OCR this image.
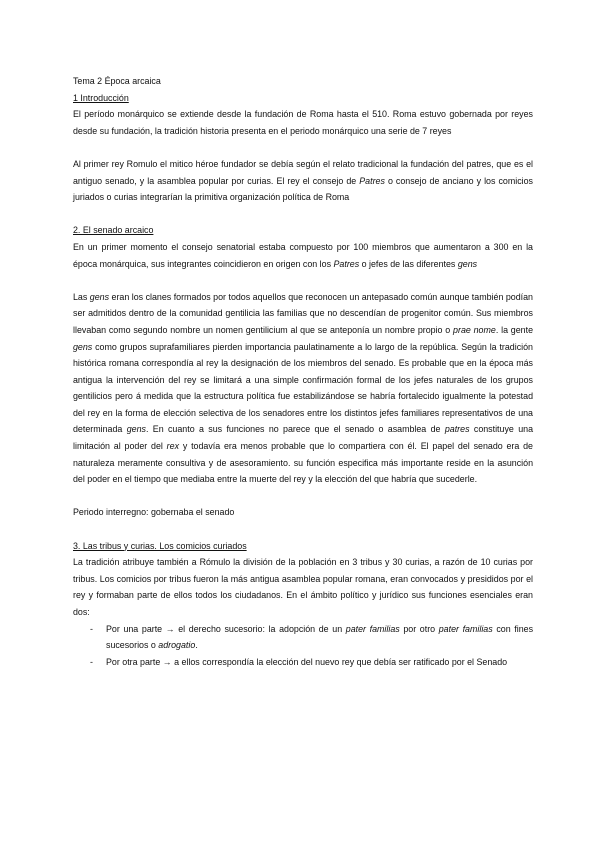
Tema 2 Época arcaica

1 Introducción

El período monárquico se extiende desde la fundación de Roma hasta el 510. Roma estuvo gobernada por reyes desde su fundación, la tradición historia presenta en el periodo monárquico una serie de 7 reyes

Al primer rey Romulo el mitico héroe fundador se debía según el relato tradicional la fundación del patres, que es el antiguo senado, y la asamblea popular por curias. El rey el consejo de Patres o consejo de anciano y los comicios juriados o curias integrarían la primitiva organización política de Roma

2. El senado arcaico

En un primer momento el consejo senatorial estaba compuesto por 100 miembros que aumentaron a 300 en la época monárquica, sus integrantes coincidieron en origen con los Patres o jefes de las diferentes gens

Las gens eran los clanes formados por todos aquellos que reconocen un antepasado común aunque también podían ser admitidos dentro de la comunidad gentilicia las familias que no descendían de progenitor común. Sus miembros llevaban como segundo nombre un nomen gentilicium al que se anteponía un nombre propio o prae nome. la gente gens como grupos suprafamiliares pierden importancia paulatinamente a lo largo de la república. Según la tradición histórica romana correspondía al rey la designación de los miembros del senado. Es probable que en la época más antigua la intervención del rey se limitará a una simple confirmación formal de los jefes naturales de los grupos gentilicios pero á medida que la estructura política fue estabilizándose se habría fortalecido igualmente la potestad del rey en la forma de elección selectiva de los senadores entre los distintos jefes familiares representativos de una determinada gens. En cuanto a sus funciones no parece que el senado o asamblea de patres constituye una limitación al poder del rex y todavía era menos probable que lo compartiera con él. El papel del senado era de naturaleza meramente consultiva y de asesoramiento. su función especifica más importante reside en la asunción del poder en el tiempo que mediaba entre la muerte del rey y la elección del que habría que sucederle.

Periodo interregno: gobernaba el senado

3. Las tribus y curias. Los comicios curiados

La tradición atribuye también a Rómulo la división de la población en 3 tribus y 30 curias, a razón de 10 curias por tribus. Los comicios por tribus fueron la más antigua asamblea popular romana, eran convocados y presididos por el rey y formaban parte de ellos todos los ciudadanos. En el ámbito político y jurídico sus funciones esenciales eran dos:

- Por una parte → el derecho sucesorio: la adopción de un pater familias por otro pater familias con fines sucesorios o adrogatio.
- Por otra parte → a ellos correspondía la elección del nuevo rey que debía ser ratificado por el Senado
